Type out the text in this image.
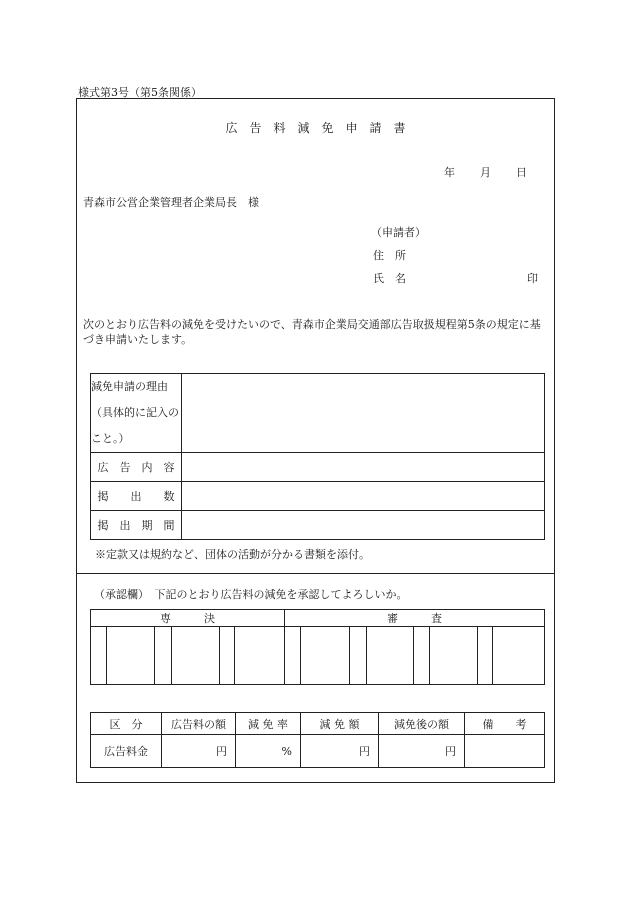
様式第3号（第5条関係）
広　告　料　減　免　申　請　書
年 月 日
青森市公営企業管理者企業局長　様
（申請者）
住　所
氏　名	印
次のとおり広告料の減免を受けたいので、青森市企業局交通部広告取扱規程第5条の規定に基づき申請いたします。
減免申請の理由（具体的に記入のこと。）	

広　告　内　容	

掲　　出　　数	

掲　出　期　間	

※定款又は規約など、団体の活動が分かる書類を添付。
（承認欄）　下記のとおり広告料の減免を承認してよろしいか。
専　　　決						審　　　査							

区　分	広告料の額	減 免 率	減 免 額	減免後の額	備　　考
広告料金	円	%	円	円	
